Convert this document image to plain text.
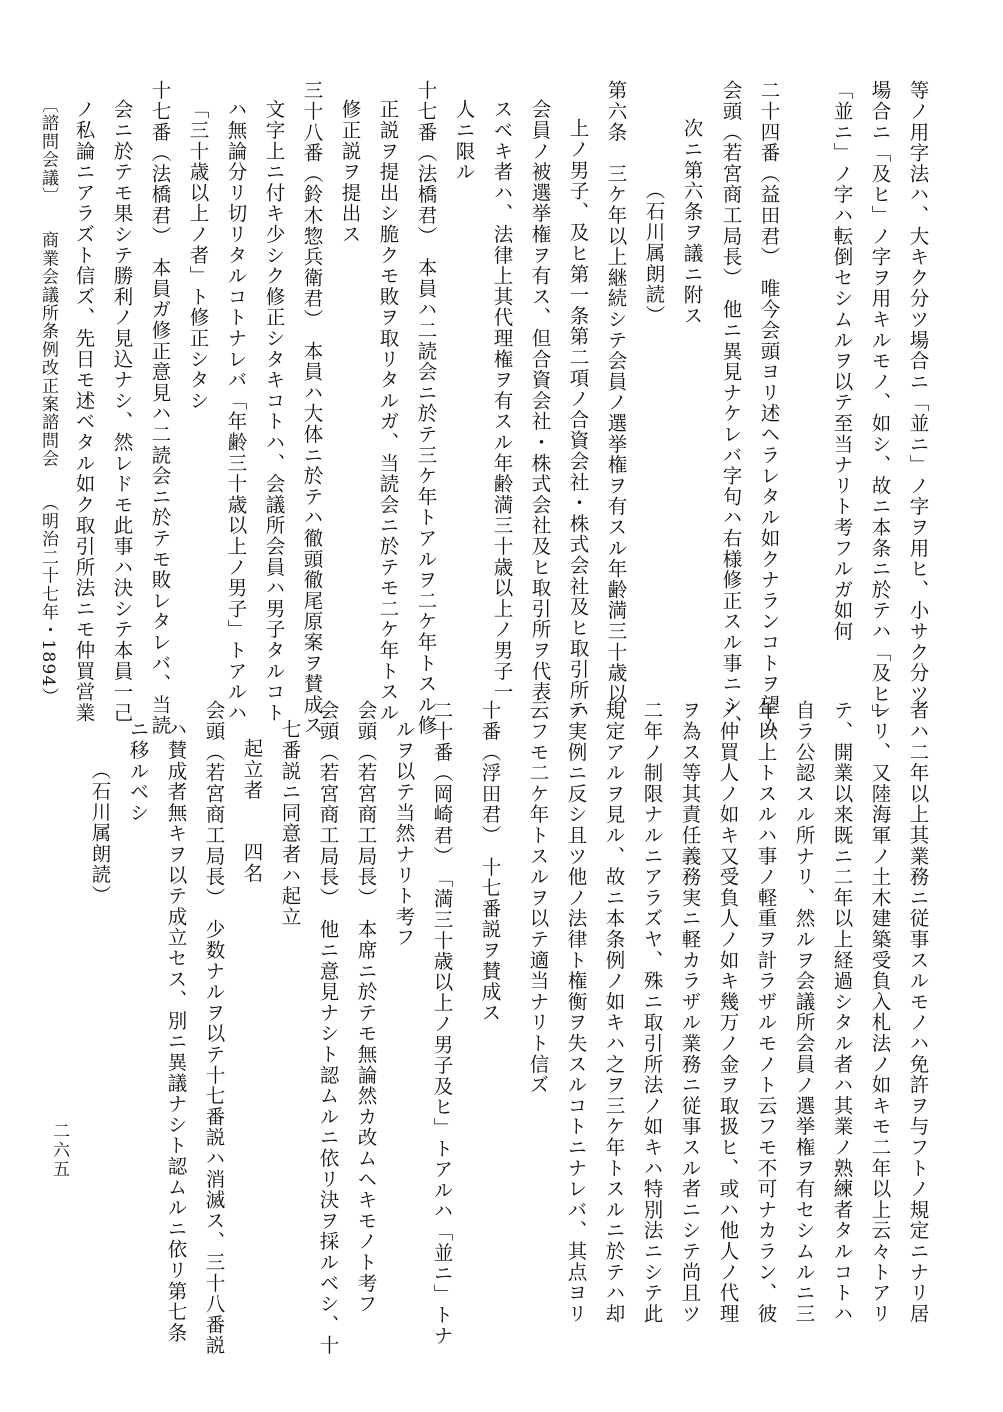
等ノ用字法ハ、大キク分ツ場合ニ「並ニ」ノ字ヲ用ヒ、小サク分ツ
場合ニ「及ヒ」ノ字ヲ用キルモノ、如シ、故ニ本条ニ於テハ「及ヒ」
「並ニ」ノ字ハ転倒セシムルヲ以テ至当ナリト考フルガ如何
二十四番（益田君）　唯今会頭ヨリ述ヘラレタル如クナランコトヲ望ム
会頭（若宮商工局長）　他ニ異見ナケレバ字句ハ右様修正スル事ニシ、
次ニ第六条ヲ議ニ附ス
（石川属朗読）
第六条　三ケ年以上継続シテ会員ノ選挙権ヲ有スル年齢満三十歳以
上ノ男子、及ヒ第一条第二項ノ合資会社・株式会社及ヒ取引所ハ
会員ノ被選挙権ヲ有ス、但合資会社・株式会社及ヒ取引所ヲ代表
スベキ者ハ、法律上其代理権ヲ有スル年齢満三十歳以上ノ男子一
人ニ限ル
十七番（法橋君）　本員ハ二読会ニ於テ三ケ年トアルヲ二ケ年トスル修
正説ヲ提出シ脆クモ敗ヲ取リタルガ、当読会ニ於テモ二ケ年トスル
修正説ヲ提出ス
三十八番（鈴木惣兵衛君）　本員ハ大体ニ於テハ徹頭徹尾原案ヲ賛成ス
文字上ニ付キ少シク修正シタキコトハ、会議所会員ハ男子タルコト
ハ無論分リ切リタルコトナレバ「年齢三十歳以上ノ男子」トアルハ
「三十歳以上ノ者」ト修正シタシ
十七番（法橋君）　本員ガ修正意見ハ二読会ニ於テモ敗レタレバ、当読
会ニ於テモ果シテ勝利ノ見込ナシ、然レドモ此事ハ決シテ本員一己
ノ私論ニアラズト信ズ、先日モ述ベタル如ク取引所法ニモ仲買営業
者ハ二年以上其業務ニ従事スルモノハ免許ヲ与フトノ規定ニナリ居
レリ、又陸海軍ノ土木建築受負入札法ノ如キモ二年以上云々トアリ
テ、開業以来既ニ二年以上経過シタル者ハ其業ノ熟練者タルコトハ
自ラ公認スル所ナリ、然ルヲ会議所会員ノ選挙権ヲ有セシムルニ三
年以上トスルハ事ノ軽重ヲ計ラザルモノト云フモ不可ナカラン、彼
ノ仲買人ノ如キ又受負人ノ如キ幾万ノ金ヲ取扱ヒ、或ハ他人ノ代理
ヲ為ス等其責任義務実ニ軽カラザル業務ニ従事スル者ニシテ尚且ツ
二年ノ制限ナルニアラズヤ、殊ニ取引所法ノ如キハ特別法ニシテ此
規定アルヲ見ル、故ニ本条例ノ如キハ之ヲ三ケ年トスルニ於テハ却
テ実例ニ反シ且ツ他ノ法律ト権衡ヲ失スルコトニナレバ、其点ヨリ
云フモ二ケ年トスルヲ以テ適当ナリト信ズ
十番（浮田君）　十七番説ヲ賛成ス
二十番（岡崎君）　「満三十歳以上ノ男子及ヒ」トアルハ「並ニ」トナ
ルヲ以テ当然ナリト考フ
会頭（若宮商工局長）　本席ニ於テモ無論然カ改ムヘキモノト考フ
会頭（若宮商工局長）　他ニ意見ナシト認ムルニ依リ決ヲ採ルベシ、十
七番説ニ同意者ハ起立
起立者　　四名
会頭（若宮商工局長）　少数ナルヲ以テ十七番説ハ消滅ス、三十八番説
ハ賛成者無キヲ以テ成立セス、別ニ異議ナシト認ムルニ依リ第七条
ニ移ルベシ
（石川属朗読）
〔諮問会議〕商業会議所条例改正案諮問会（明治二十七年・1894）
二六五
